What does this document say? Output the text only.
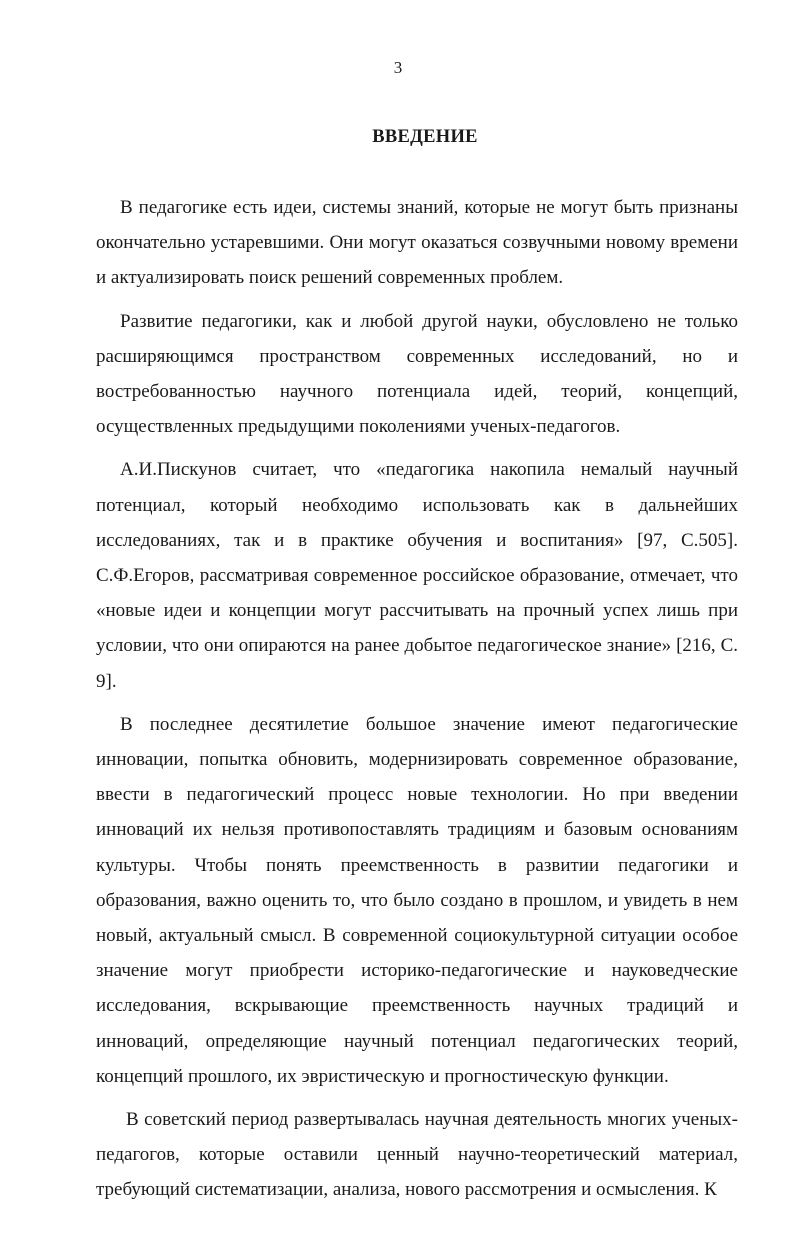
3
ВВЕДЕНИЕ

В педагогике есть идеи, системы знаний, которые не могут быть признаны окончательно устаревшими. Они могут оказаться созвучными новому времени и актуализировать поиск решений современных проблем.

Развитие педагогики, как и любой другой науки, обусловлено не только расширяющимся пространством современных исследований, но и востребованностью научного потенциала идей, теорий, концепций, осуществленных предыдущими поколениями ученых-педагогов.

А.И.Пискунов считает, что «педагогика накопила немалый научный потенциал, который необходимо использовать как в дальнейших исследованиях, так и в практике обучения и воспитания» [97, С.505]. С.Ф.Егоров, рассматривая современное российское образование, отмечает, что «новые идеи и концепции могут рассчитывать на прочный успех лишь при условии, что они опираются на ранее добытое педагогическое знание» [216, С. 9].

В последнее десятилетие большое значение имеют педагогические инновации, попытка обновить, модернизировать современное образование, ввести в педагогический процесс новые технологии. Но при введении инноваций их нельзя противопоставлять традициям и базовым основаниям культуры. Чтобы понять преемственность в развитии педагогики и образования, важно оценить то, что было создано в прошлом, и увидеть в нем новый, актуальный смысл. В современной социокультурной ситуации особое значение могут приобрести историко-педагогические и науковедческие исследования, вскрывающие преемственность научных традиций и инноваций, определяющие научный потенциал педагогических теорий, концепций прошлого, их эвристическую и прогностическую функции.

В советский период развертывалась научная деятельность многих ученых-педагогов, которые оставили ценный научно-теоретический материал, требующий систематизации, анализа, нового рассмотрения и осмысления. К
